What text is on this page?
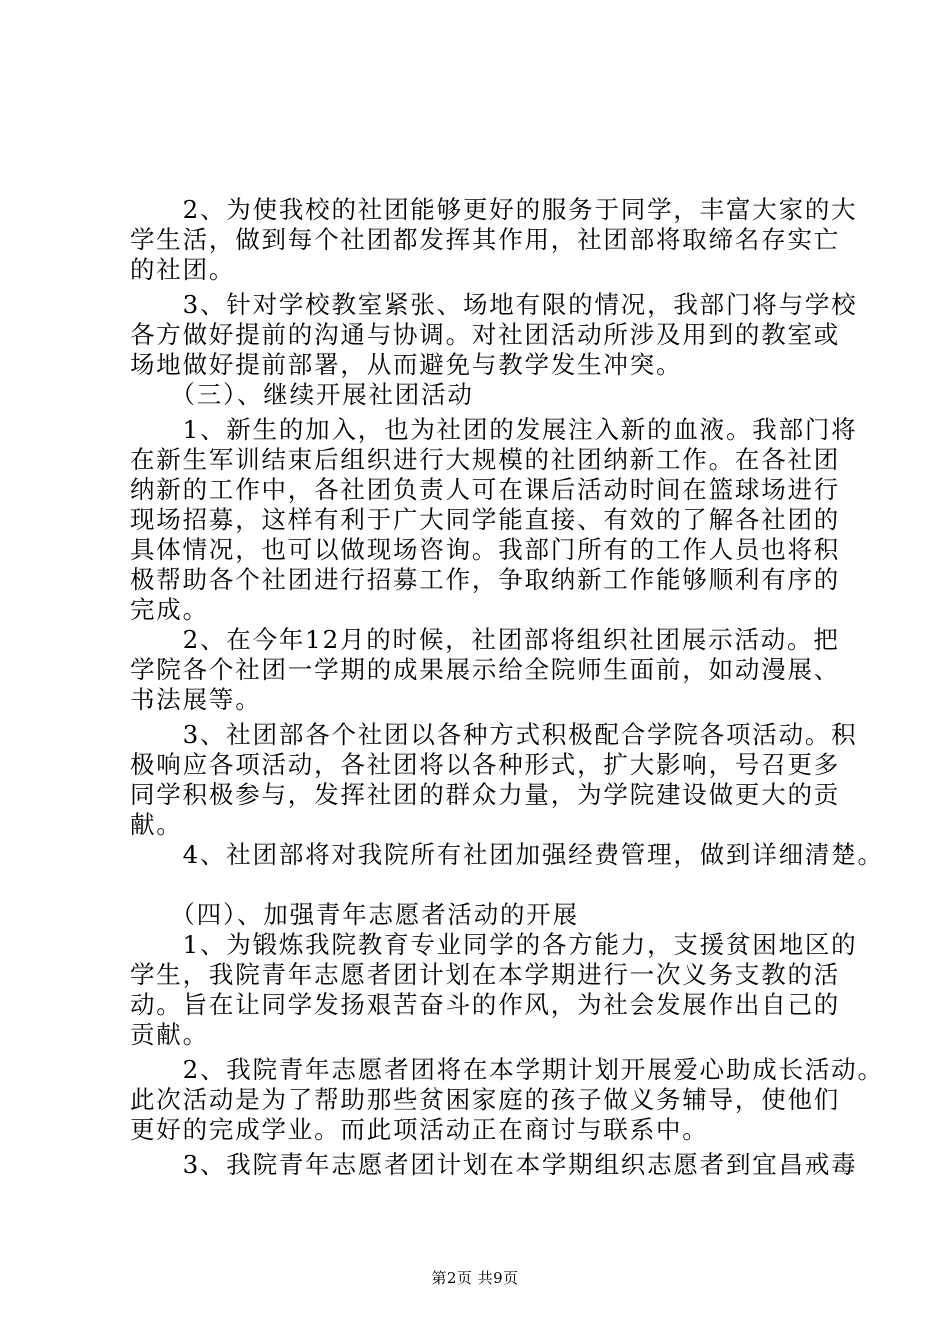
　　2、为使我校的社团能够更好的服务于同学，丰富大家的大
学生活，做到每个社团都发挥其作用，社团部将取缔名存实亡
的社团。
　　3、针对学校教室紧张、场地有限的情况，我部门将与学校
各方做好提前的沟通与协调。对社团活动所涉及用到的教室或
场地做好提前部署，从而避免与教学发生冲突。
　　（三）、继续开展社团活动
　　1、新生的加入，也为社团的发展注入新的血液。我部门将
在新生军训结束后组织进行大规模的社团纳新工作。在各社团
纳新的工作中，各社团负责人可在课后活动时间在篮球场进行
现场招募，这样有利于广大同学能直接、有效的了解各社团的
具体情况，也可以做现场咨询。我部门所有的工作人员也将积
极帮助各个社团进行招募工作，争取纳新工作能够顺利有序的
完成。
　　2、在今年12月的时候，社团部将组织社团展示活动。把
学院各个社团一学期的成果展示给全院师生面前，如动漫展、
书法展等。
　　3、社团部各个社团以各种方式积极配合学院各项活动。积
极响应各项活动，各社团将以各种形式，扩大影响，号召更多
同学积极参与，发挥社团的群众力量，为学院建设做更大的贡
献。
　　4、社团部将对我院所有社团加强经费管理，做到详细清楚。
　　（四）、加强青年志愿者活动的开展
　　1、为锻炼我院教育专业同学的各方能力，支援贫困地区的
学生，我院青年志愿者团计划在本学期进行一次义务支教的活
动。旨在让同学发扬艰苦奋斗的作风，为社会发展作出自己的
贡献。
　　2、我院青年志愿者团将在本学期计划开展爱心助成长活动。
此次活动是为了帮助那些贫困家庭的孩子做义务辅导，使他们
更好的完成学业。而此项活动正在商讨与联系中。
　　3、我院青年志愿者团计划在本学期组织志愿者到宜昌戒毒
第2页 共9页
